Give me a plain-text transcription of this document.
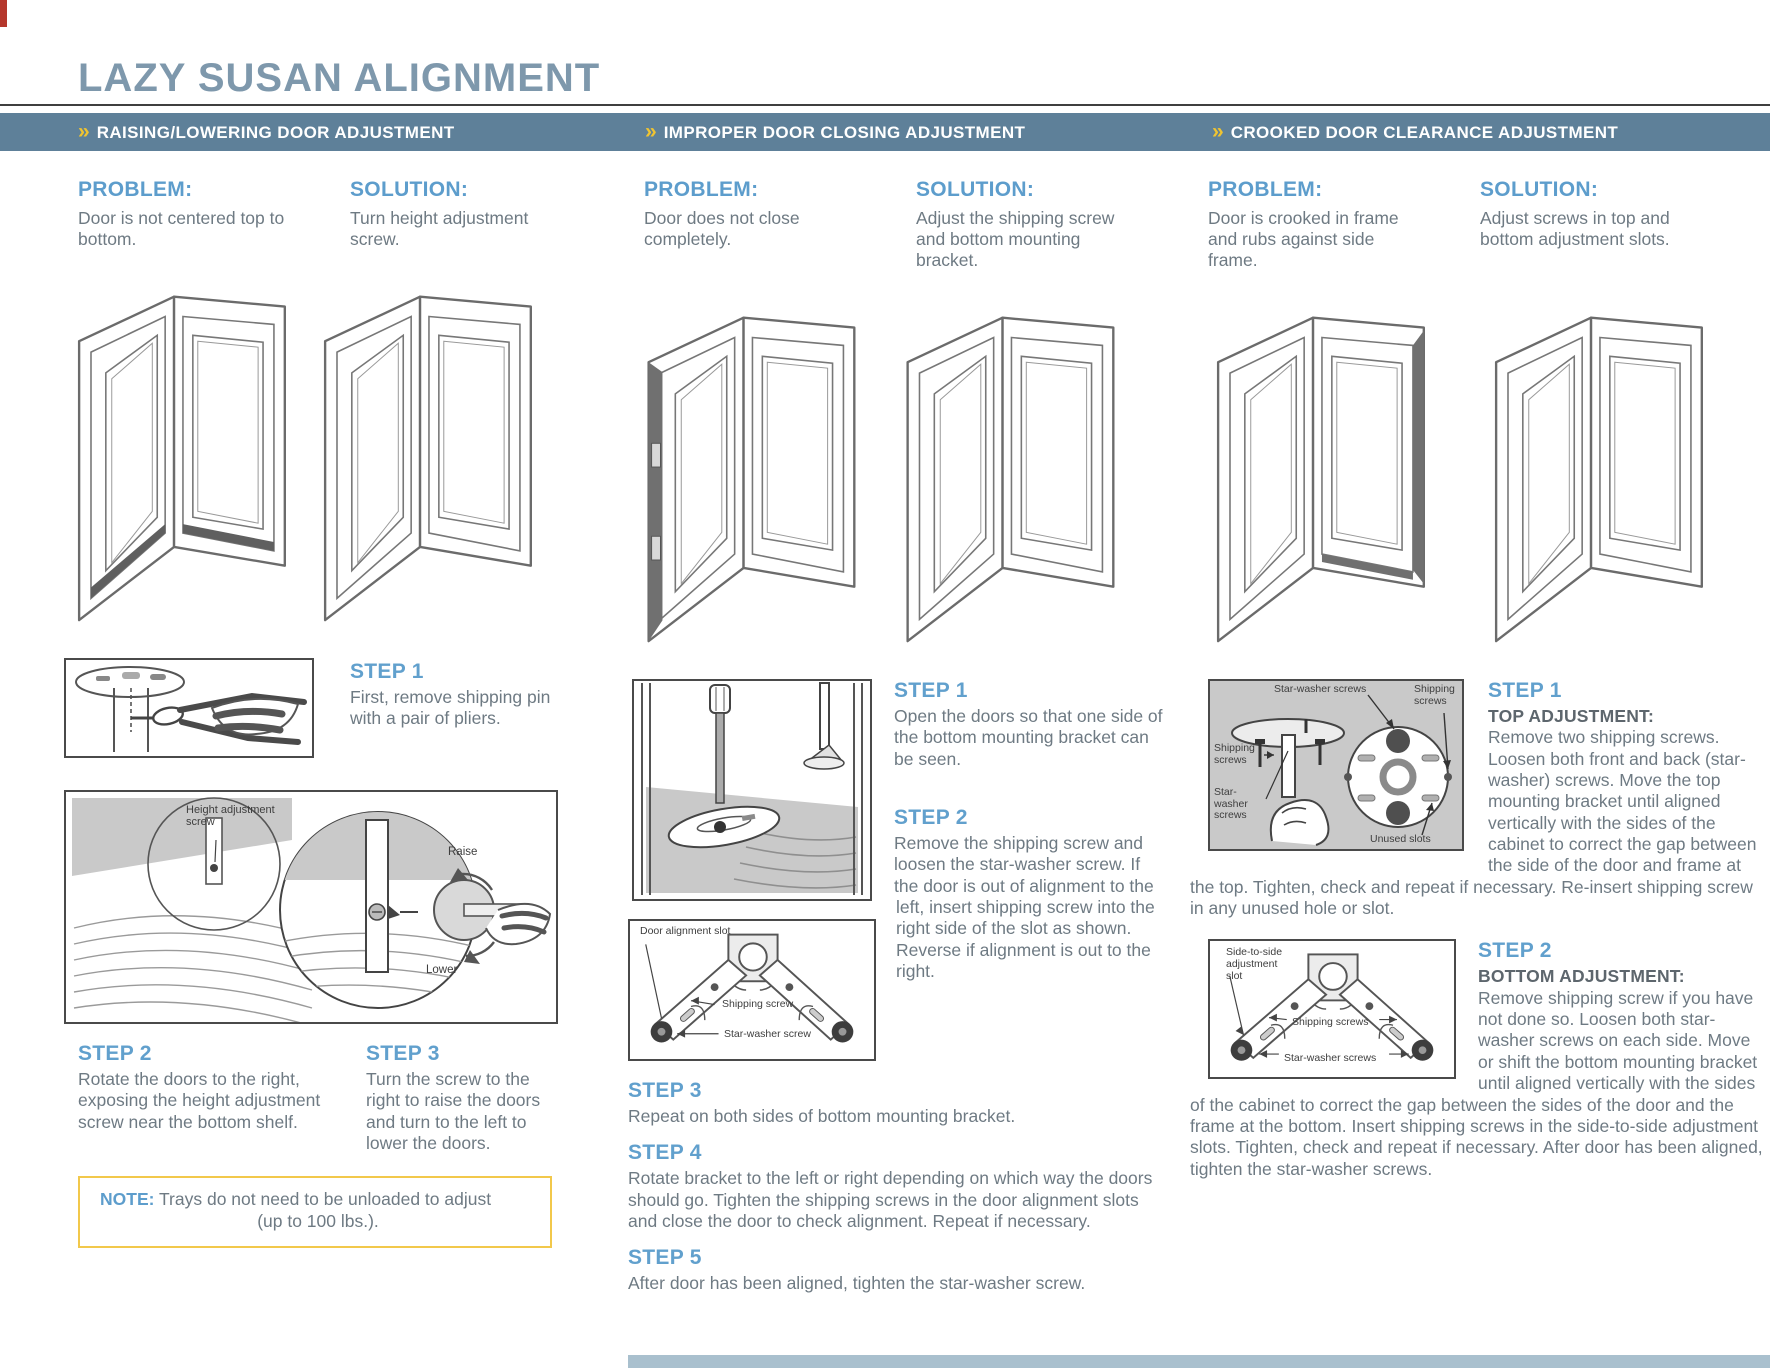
LAZY SUSAN ALIGNMENT
» RAISING/LOWERING DOOR ADJUSTMENT	» IMPROPER DOOR CLOSING ADJUSTMENT	» CROOKED DOOR CLEARANCE ADJUSTMENT

PROBLEM:

Door is not centered top to bottom.

SOLUTION:

Turn height adjustment screw.

STEP 1

First, remove shipping pin with a pair of pliers.

Height adjustment screw
Raise
Lower

STEP 2

Rotate the doors to the right, exposing the height adjustment screw near the bottom shelf.

STEP 3

Turn the screw to the right to raise the doors and turn to the left to lower the doors.

NOTE: Trays do not need to be unloaded to adjust
(up to 100 lbs.).

PROBLEM:

Door does not close completely.

SOLUTION:

Adjust the shipping screw and bottom mounting bracket.

Door alignment slot
Shipping screw
Star-washer screw

STEP 1

Open the doors so that one side of the bottom mounting bracket can be seen.

STEP 2

Remove the shipping screw and loosen the star-washer screw. If the door is out of alignment to the left, insert shipping screw into the right side of the slot as shown. Reverse if alignment is out to the right.

STEP 3

Repeat on both sides of bottom mounting bracket.

STEP 4

Rotate bracket to the left or right depending on which way the doors should go. Tighten the shipping screws in the door alignment slots and close the door to check alignment. Repeat if necessary.

STEP 5

After door has been aligned, tighten the star-washer screw.

PROBLEM:

Door is crooked in frame and rubs against side frame.

SOLUTION:

Adjust screws in top and bottom adjustment slots.

Star-washer screws	Shipping screws
Shipping screws
Star-washer screws
Unused slots

STEP 1

TOP ADJUSTMENT:
Remove two shipping screws. Loosen both front and back (star-washer) screws. Move the top mounting bracket until aligned vertically with the sides of the cabinet to correct the gap between the side of the door and frame at the top. Tighten, check and repeat if necessary. Re-insert shipping screw in any unused hole or slot.

Side-to-side adjustment slot
Shipping screws
Star-washer screws

STEP 2

BOTTOM ADJUSTMENT:
Remove shipping screw if you have not done so. Loosen both star-washer screws on each side. Move or shift the bottom mounting bracket until aligned vertically with the sides of the cabinet to correct the gap between the sides of the door and the frame at the bottom. Insert shipping screws in the side-to-side adjustment slots. Tighten, check and repeat if necessary. After door has been aligned, tighten the star-washer screws.
